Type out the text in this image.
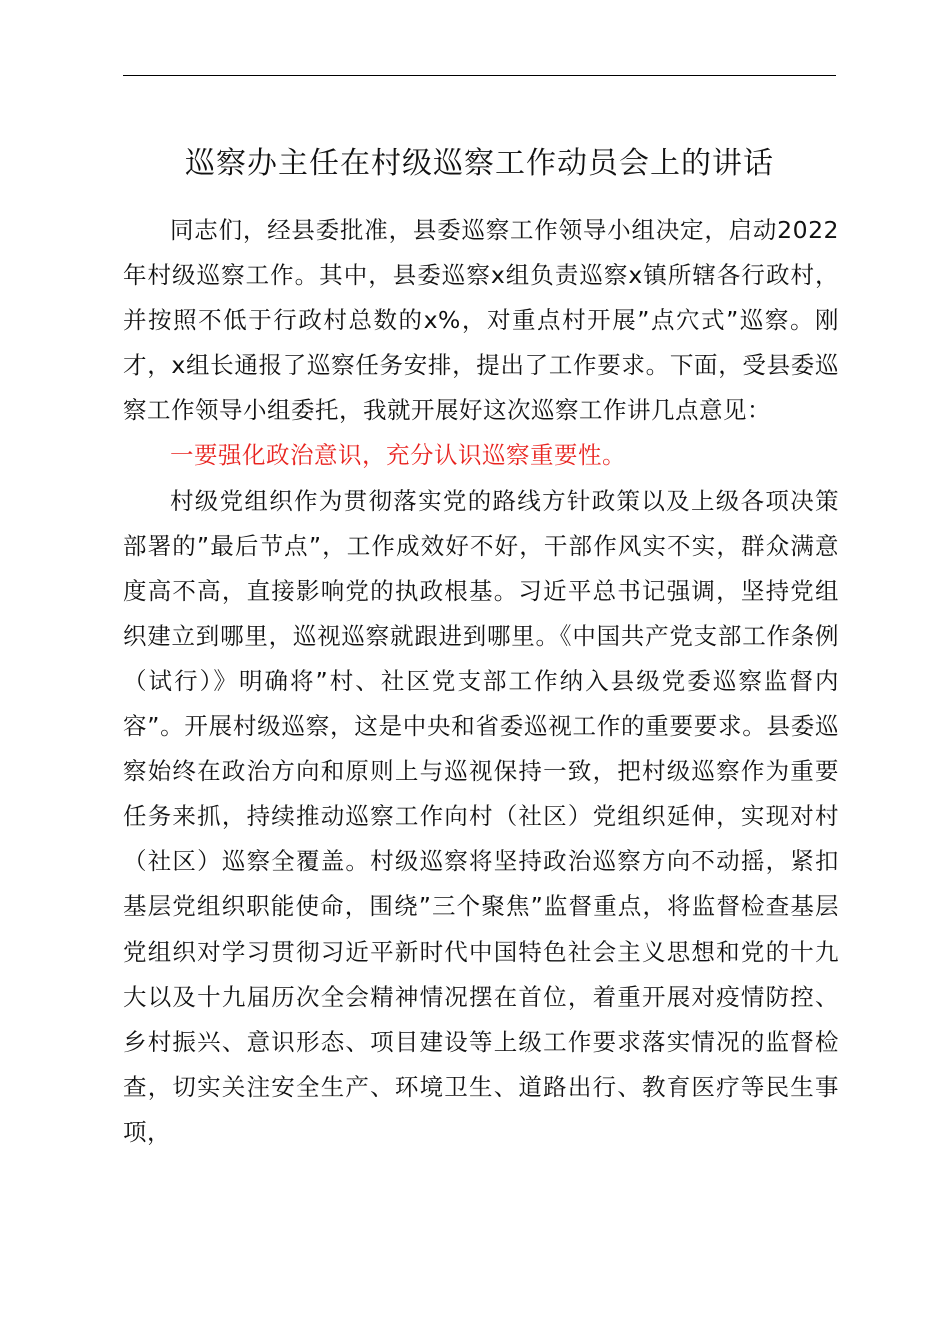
巡察办主任在村级巡察工作动员会上的讲话

同志们，经县委批准，县委巡察工作领导小组决定，启动2022年村级巡察工作。其中，县委巡察x组负责巡察x镇所辖各行政村，并按照不低于行政村总数的x%，对重点村开展”点穴式”巡察。刚才，x组长通报了巡察任务安排，提出了工作要求。下面，受县委巡察工作领导小组委托，我就开展好这次巡察工作讲几点意见：

一要强化政治意识，充分认识巡察重要性。

村级党组织作为贯彻落实党的路线方针政策以及上级各项决策部署的”最后节点”，工作成效好不好，干部作风实不实，群众满意度高不高，直接影响党的执政根基。习近平总书记强调，坚持党组织建立到哪里，巡视巡察就跟进到哪里。《中国共产党支部工作条例（试行）》明确将”村、社区党支部工作纳入县级党委巡察监督内容”。开展村级巡察，这是中央和省委巡视工作的重要要求。县委巡察始终在政治方向和原则上与巡视保持一致，把村级巡察作为重要任务来抓，持续推动巡察工作向村（社区）党组织延伸，实现对村（社区）巡察全覆盖。村级巡察将坚持政治巡察方向不动摇，紧扣基层党组织职能使命，围绕”三个聚焦”监督重点，将监督检查基层党组织对学习贯彻习近平新时代中国特色社会主义思想和党的十九大以及十九届历次全会精神情况摆在首位，着重开展对疫情防控、乡村振兴、意识形态、项目建设等上级工作要求落实情况的监督检查，切实关注安全生产、环境卫生、道路出行、教育医疗等民生事项，
